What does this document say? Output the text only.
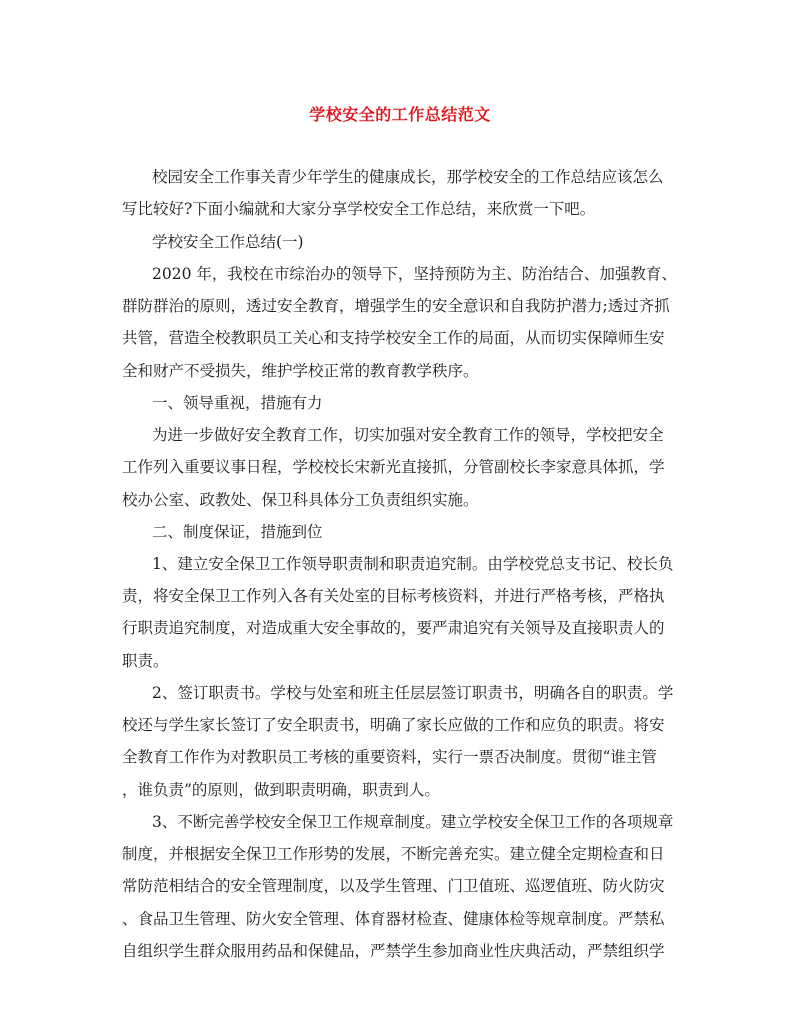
学校安全的工作总结范文
校园安全工作事关青少年学生的健康成长，那学校安全的工作总结应该怎么
写比较好?下面小编就和大家分享学校安全工作总结，来欣赏一下吧。
学校安全工作总结(一)
2020 年，我校在市综治办的领导下，坚持预防为主、防治结合、加强教育、
群防群治的原则，透过安全教育，增强学生的安全意识和自我防护潜力;透过齐抓
共管，营造全校教职员工关心和支持学校安全工作的局面，从而切实保障师生安
全和财产不受损失，维护学校正常的教育教学秩序。
一、领导重视，措施有力
为进一步做好安全教育工作，切实加强对安全教育工作的领导，学校把安全
工作列入重要议事日程，学校校长宋新光直接抓，分管副校长李家意具体抓，学
校办公室、政教处、保卫科具体分工负责组织实施。
二、制度保证，措施到位
1、建立安全保卫工作领导职责制和职责追究制。由学校党总支书记、校长负
责，将安全保卫工作列入各有关处室的目标考核资料，并进行严格考核，严格执
行职责追究制度，对造成重大安全事故的，要严肃追究有关领导及直接职责人的
职责。
2、签订职责书。学校与处室和班主任层层签订职责书，明确各自的职责。学
校还与学生家长签订了安全职责书，明确了家长应做的工作和应负的职责。将安
全教育工作作为对教职员工考核的重要资料，实行一票否决制度。贯彻“谁主管
，谁负责”的原则，做到职责明确，职责到人。
3、不断完善学校安全保卫工作规章制度。建立学校安全保卫工作的各项规章
制度，并根据安全保卫工作形势的发展，不断完善充实。建立健全定期检查和日
常防范相结合的安全管理制度，以及学生管理、门卫值班、巡逻值班、防火防灾
、食品卫生管理、防火安全管理、体育器材检查、健康体检等规章制度。严禁私
自组织学生群众服用药品和保健品，严禁学生参加商业性庆典活动，严禁组织学
